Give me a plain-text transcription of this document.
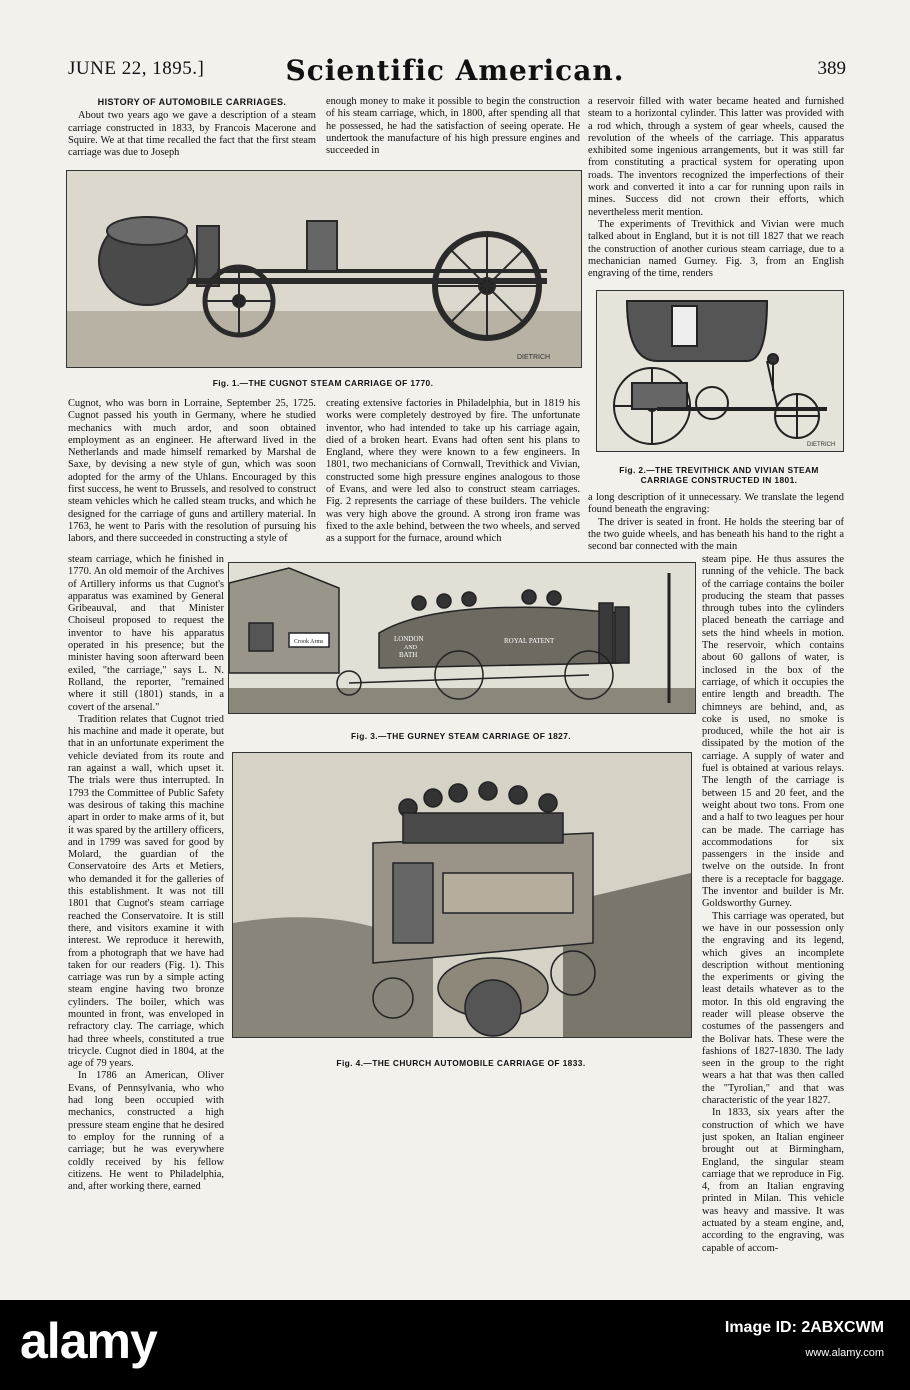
JUNE 22, 1895.]	Scientific American.	389

HISTORY OF AUTOMOBILE CARRIAGES.

About two years ago we gave a description of a steam carriage constructed in 1833, by Francois Macerone and Squire. We at that time recalled the fact that the first steam carriage was due to Joseph

enough money to make it possible to begin the construction of his steam carriage, which, in 1800, after spending all that he possessed, he had the satisfaction of seeing operate. He undertook the manufacture of his high pressure engines and succeeded in

DIETRICH
Fig. 1.—THE CUGNOT STEAM CARRIAGE OF 1770.

Cugnot, who was born in Lorraine, September 25, 1725. Cugnot passed his youth in Germany, where he studied mechanics with much ardor, and soon obtained employment as an engineer. He afterward lived in the Netherlands and made himself remarked by Marshal de Saxe, by devising a new style of gun, which was soon adopted for the army of the Uhlans. Encouraged by this first success, he went to Brussels, and resolved to construct steam vehicles which he called steam trucks, and which he designed for the carriage of guns and artillery material. In 1763, he went to Paris with the resolution of pursuing his labors, and there succeeded in constructing a style of

creating extensive factories in Philadelphia, but in 1819 his works were completely destroyed by fire. The unfortunate inventor, who had intended to take up his carriage again, died of a broken heart. Evans had often sent his plans to England, where they were known to a few engineers. In 1801, two mechanicians of Cornwall, Trevithick and Vivian, constructed some high pressure engines analogous to those of Evans, and were led also to construct steam carriages. Fig. 2 represents the carriage of these builders. The vehicle was very high above the ground. A strong iron frame was fixed to the axle behind, between the two wheels, and served as a support for the furnace, around which

steam carriage, which he finished in 1770. An old memoir of the Archives of Artillery informs us that Cugnot's apparatus was examined by General Gribeauval, and that Minister Choiseul proposed to request the inventor to have his apparatus operated in his presence; but the minister having soon afterward been exiled, "the carriage," says L. N. Rolland, the reporter, "remained where it still (1801) stands, in a covert of the arsenal."

Tradition relates that Cugnot tried his machine and made it operate, but that in an unfortunate experiment the vehicle deviated from its route and ran against a wall, which upset it. The trials were thus interrupted. In 1793 the Committee of Public Safety was desirous of taking this machine apart in order to make arms of it, but it was spared by the artillery officers, and in 1799 was saved for good by Molard, the guardian of the Conservatoire des Arts et Metiers, who demanded it for the galleries of this establishment. It was not till 1801 that Cugnot's steam carriage reached the Conservatoire. It is still there, and visitors examine it with interest. We reproduce it herewith, from a photograph that we have had taken for our readers (Fig. 1). This carriage was run by a simple acting steam engine having two bronze cylinders. The boiler, which was mounted in front, was enveloped in refractory clay. The carriage, which had three wheels, constituted a true tricycle. Cugnot died in 1804, at the age of 79 years.

In 1786 an American, Oliver Evans, of Pennsylvania, who who had long been occupied with mechanics, constructed a high pressure steam engine that he desired to employ for the running of a carriage; but he was everywhere coldly received by his fellow citizens. He went to Philadelphia, and, after working there, earned

a reservoir filled with water became heated and furnished steam to a horizontal cylinder. This latter was provided with a rod which, through a system of gear wheels, caused the revolution of the wheels of the carriage. This apparatus exhibited some ingenious arrangements, but it was still far from constituting a practical system for operating upon roads. The inventors recognized the imperfections of their work and converted it into a car for running upon rails in mines. Success did not crown their efforts, which nevertheless merit mention.

The experiments of Trevithick and Vivian were much talked about in England, but it is not till 1827 that we reach the construction of another curious steam carriage, due to a mechanician named Gurney. Fig. 3, from an English engraving of the time, renders

DIETRICH
Fig. 2.—THE TREVITHICK AND VIVIAN STEAM
CARRIAGE CONSTRUCTED IN 1801.

a long description of it unnecessary. We translate the legend found beneath the engraving:

The driver is seated in front. He holds the steering bar of the two guide wheels, and has beneath his hand to the right a second bar connected with the main

steam pipe. He thus assures the running of the vehicle. The back of the carriage contains the boiler producing the steam that passes through tubes into the cylinders placed beneath the carriage and sets the hind wheels in motion. The reservoir, which contains about 60 gallons of water, is inclosed in the box of the carriage, of which it occupies the entire length and breadth. The chimneys are behind, and, as coke is used, no smoke is produced, while the hot air is dissipated by the motion of the carriage. A supply of water and fuel is obtained at various relays. The length of the carriage is between 15 and 20 feet, and the weight about two tons. From one and a half to two leagues per hour can be made. The carriage has accommodations for six passengers in the inside and twelve on the outside. In front there is a receptacle for baggage. The inventor and builder is Mr. Goldsworthy Gurney.

This carriage was operated, but we have in our possession only the engraving and its legend, which gives an incomplete description without mentioning the experiments or giving the least details whatever as to the motor. In this old engraving the reader will please observe the costumes of the passengers and the Bolivar hats. These were the fashions of 1827-1830. The lady seen in the group to the right wears a hat that was then called the "Tyrolian," and that was characteristic of the year 1827.

In 1833, six years after the construction of which we have just spoken, an Italian engineer brought out at Birmingham, England, the singular steam carriage that we reproduce in Fig. 4, from an Italian engraving printed in Milan. This vehicle was heavy and massive. It was actuated by a steam engine, and, according to the engraving, was capable of accom-

Crook Arms	LONDON
AND
BATH
ROYAL PATENT
Fig. 3.—THE GURNEY STEAM CARRIAGE OF 1827.
Fig. 4.—THE CHURCH AUTOMOBILE CARRIAGE OF 1833.
alamy	Image ID: 2ABXCWM
www.alamy.com
